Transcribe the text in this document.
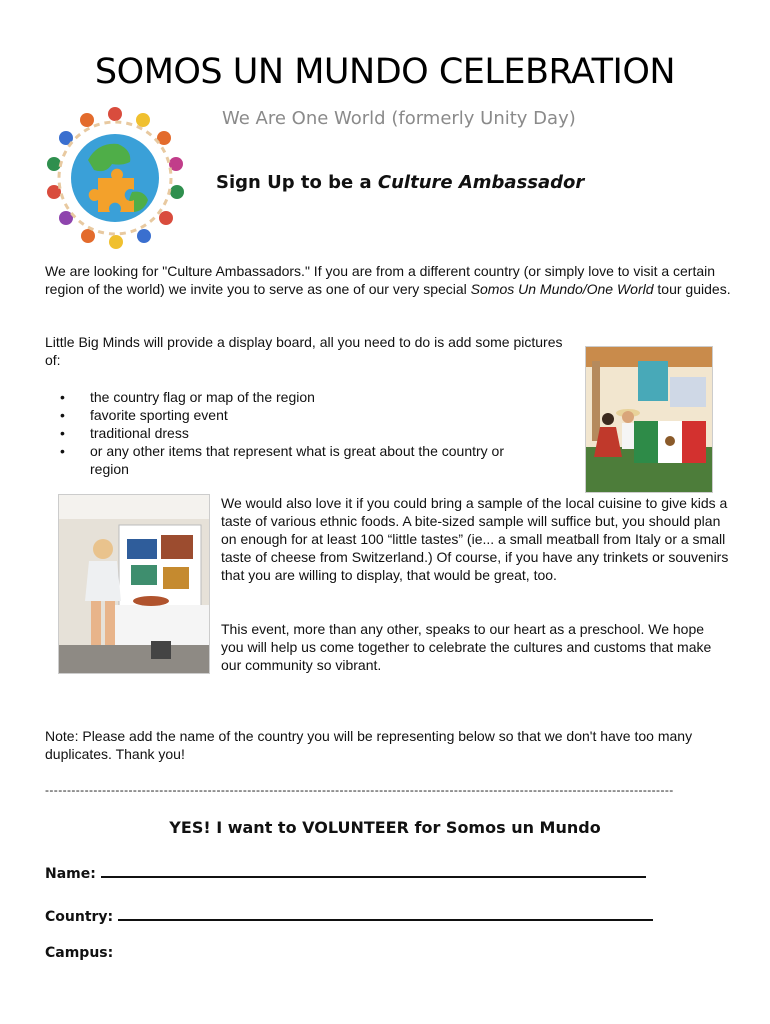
SOMOS UN MUNDO CELEBRATION
We Are One World (formerly Unity Day)
Sign Up to be a Culture Ambassador
We are looking for "Culture Ambassadors." If you are from a different country (or simply love to visit a certain region of the world) we invite you to serve as one of our very special Somos Un Mundo/One World tour guides.
Little Big Minds will provide a display board, all you need to do is add some pictures of:
• the country flag or map of the region
• favorite sporting event
• traditional dress
• or any other items that represent what is great about the country or region
We would also love it if you could bring a sample of the local cuisine to give kids a taste of various ethnic foods. A bite-sized sample will suffice but, you should plan on enough for at least 100 “little tastes” (ie... a small meatball from Italy or a small taste of cheese from Switzerland.) Of course, if you have any trinkets or souvenirs that you are willing to display, that would be great, too.
This event, more than any other, speaks to our heart as a preschool. We hope you will help us come together to celebrate the cultures and customs that make our community so vibrant.
Note: Please add the name of the country you will be representing below so that we don't have too many duplicates. Thank you!
-----------------------------------------------------------------------------------------------------------------------------------------------
YES! I want to VOLUNTEER for Somos un Mundo
Name:
Country:
Campus:
